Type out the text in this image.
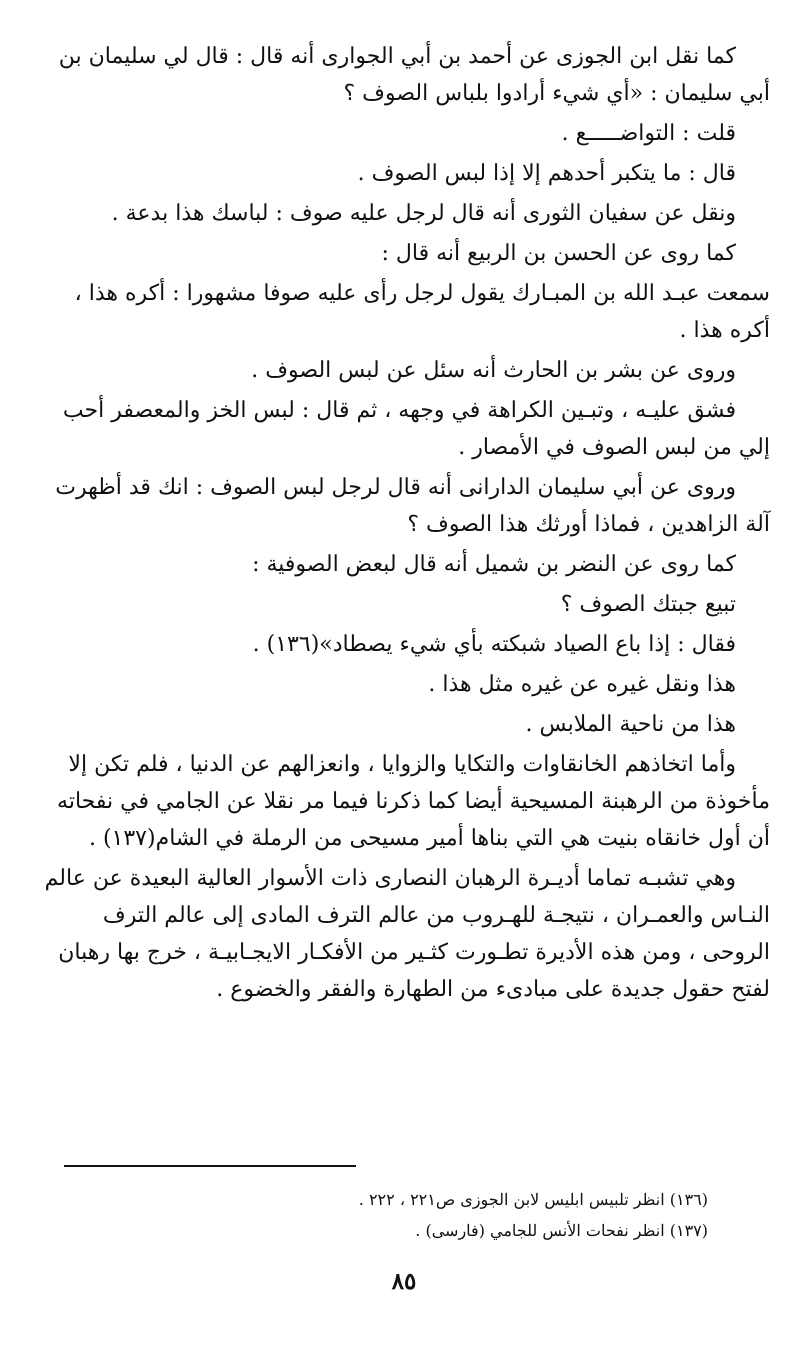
كما نقل ابن الجوزى عن أحمد بن أبي الجوارى أنه قال : قال لي سليمان بن أبي سليمان : «أي شيء أرادوا بلباس الصوف ؟

قلت : التواضـــــع .

قال : ما يتكبر أحدهم إلا إذا لبس الصوف .

ونقل عن سفيان الثورى أنه قال لرجل عليه صوف : لباسك هذا بدعة .

كما روى عن الحسن بن الربيع أنه قال :

سمعت عبـد الله بن المبـارك يقول لرجل رأى عليه صوفا مشهورا : أكره هذا ، أكره هذا .

وروى عن بشر بن الحارث أنه سئل عن لبس الصوف .

فشق عليـه ، وتبـين الكراهة في وجهه ، ثم قال : لبس الخز والمعصفر أحب إلي من لبس الصوف في الأمصار .

وروى عن أبي سليمان الدارانى أنه قال لرجل لبس الصوف : انك قد أظهرت آلة الزاهدين ، فماذا أورثك هذا الصوف ؟

كما روى عن النضر بن شميل أنه قال لبعض الصوفية :

تبيع جبتك الصوف ؟

فقال : إذا باع الصياد شبكته بأي شيء يصطاد»(١٣٦) .

هذا ونقل غيره عن غيره مثل هذا .

هذا من ناحية الملابس .

وأما اتخاذهم الخانقاوات والتكايا والزوايا ، وانعزالهم عن الدنيا ، فلم تكن إلا مأخوذة من الرهبنة المسيحية أيضا كما ذكرنا فيما مر نقلا عن الجامي في نفحاته أن أول خانقاه بنيت هي التي بناها أمير مسيحى من الرملة في الشام(١٣٧) .

وهي تشبـه تماما أديـرة الرهبان النصارى ذات الأسوار العالية البعيدة عن عالم النـاس والعمـران ، نتيجـة للهـروب من عالم الترف المادى إلى عالم الترف الروحى ، ومن هذه الأديرة تطـورت كثـير من الأفكـار الايجـابيـة ، خرج بها رهبان لفتح حقول جديدة على مبادىء من الطهارة والفقر والخضوع .

(١٣٦) انظر تلبيس ابليس لابن الجوزى ص٢٢١ ، ٢٢٢ .

(١٣٧) انظر نفحات الأنس للجامي (فارسى) .

٨٥
